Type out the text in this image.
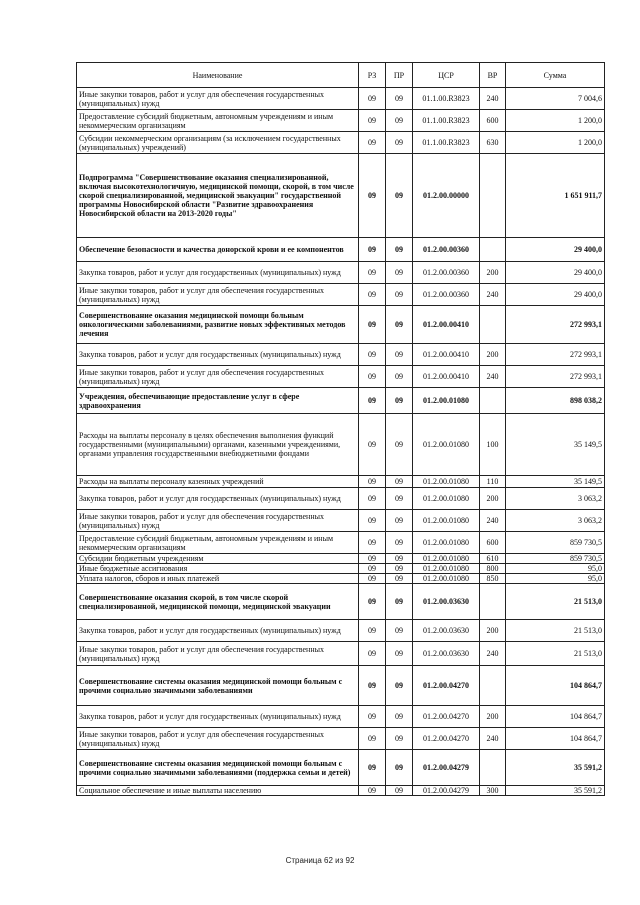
Наименование	РЗ	ПР	ЦСР	ВР	Сумма
Иные закупки товаров, работ и услуг для обеспечения государственных (муниципальных) нужд	09	09	01.1.00.R3823	240	7 004,6
Предоставление субсидий бюджетным, автономным учреждениям и иным некоммерческим организациям	09	09	01.1.00.R3823	600	1 200,0
Субсидии некоммерческим организациям (за исключением государственных (муниципальных) учреждений)	09	09	01.1.00.R3823	630	1 200,0
Подпрограмма "Совершенствование оказания специализированной, включая высокотехнологичную, медицинской помощи, скорой, в том числе скорой специализированной, медицинской эвакуации" государственной программы Новосибирской области "Развитие здравоохранения Новосибирской области на 2013-2020 годы"	09	09	01.2.00.00000		1 651 911,7
Обеспечение безопасности и качества донорской крови и ее компонентов	09	09	01.2.00.00360		29 400,0
Закупка товаров, работ и услуг для государственных (муниципальных) нужд	09	09	01.2.00.00360	200	29 400,0
Иные закупки товаров, работ и услуг для обеспечения государственных (муниципальных) нужд	09	09	01.2.00.00360	240	29 400,0
Совершенствование оказания медицинской помощи больным онкологическими заболеваниями, развитие новых эффективных методов лечения	09	09	01.2.00.00410		272 993,1
Закупка товаров, работ и услуг для государственных (муниципальных) нужд	09	09	01.2.00.00410	200	272 993,1
Иные закупки товаров, работ и услуг для обеспечения государственных (муниципальных) нужд	09	09	01.2.00.00410	240	272 993,1
Учреждения, обеспечивающие предоставление услуг в сфере здравоохранения	09	09	01.2.00.01080		898 038,2
Расходы на выплаты персоналу в целях обеспечения выполнения функций государственными (муниципальными) органами, казенными учреждениями, органами управления государственными внебюджетными фондами	09	09	01.2.00.01080	100	35 149,5
Расходы на выплаты персоналу казенных учреждений	09	09	01.2.00.01080	110	35 149,5
Закупка товаров, работ и услуг для государственных (муниципальных) нужд	09	09	01.2.00.01080	200	3 063,2
Иные закупки товаров, работ и услуг для обеспечения государственных (муниципальных) нужд	09	09	01.2.00.01080	240	3 063,2
Предоставление субсидий бюджетным, автономным учреждениям и иным некоммерческим организациям	09	09	01.2.00.01080	600	859 730,5
Субсидии бюджетным учреждениям	09	09	01.2.00.01080	610	859 730,5
Иные бюджетные ассигнования	09	09	01.2.00.01080	800	95,0
Уплата налогов, сборов и иных платежей	09	09	01.2.00.01080	850	95,0
Совершенствование оказания скорой, в том числе скорой специализированной, медицинской помощи, медицинской эвакуации	09	09	01.2.00.03630		21 513,0
Закупка товаров, работ и услуг для государственных (муниципальных) нужд	09	09	01.2.00.03630	200	21 513,0
Иные закупки товаров, работ и услуг для обеспечения государственных (муниципальных) нужд	09	09	01.2.00.03630	240	21 513,0
Совершенствование системы оказания медицинской помощи больным с прочими социально значимыми заболеваниями	09	09	01.2.00.04270		104 864,7
Закупка товаров, работ и услуг для государственных (муниципальных) нужд	09	09	01.2.00.04270	200	104 864,7
Иные закупки товаров, работ и услуг для обеспечения государственных (муниципальных) нужд	09	09	01.2.00.04270	240	104 864,7
Совершенствование системы оказания медицинской помощи больным с прочими социально значимыми заболеваниями (поддержка семьи и детей)	09	09	01.2.00.04279		35 591,2
Социальное обеспечение и иные выплаты населению	09	09	01.2.00.04279	300	35 591,2
Страница 62 из 92
